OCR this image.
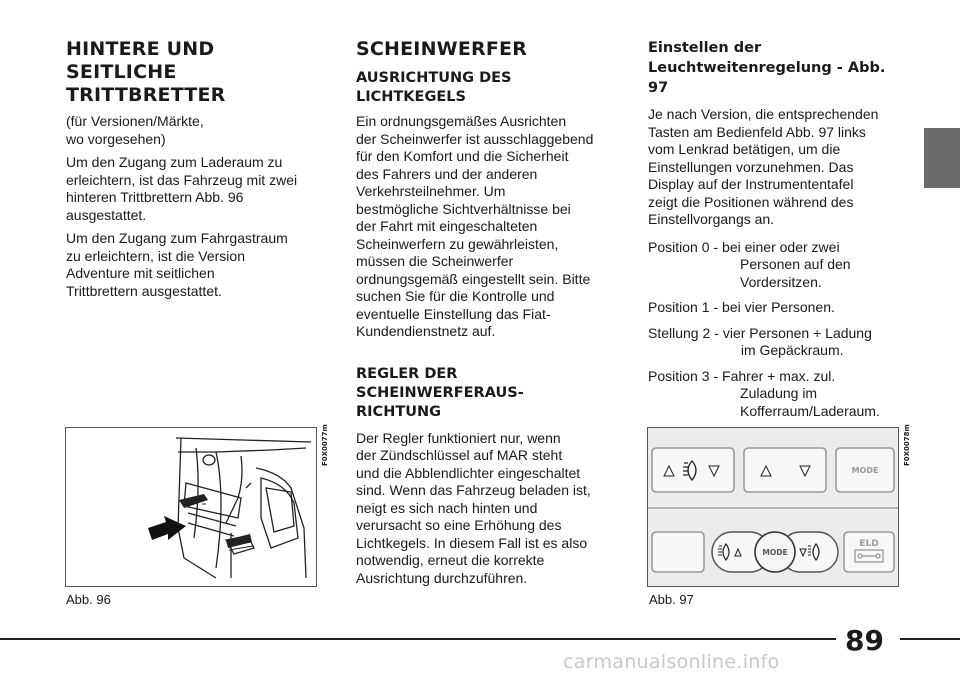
HINTERE UND
SEITLICHE
TRITTBRETTER

(für Versionen/Märkte,
wo vorgesehen)

Um den Zugang zum Laderaum zu
erleichtern, ist das Fahrzeug mit zwei
hinteren Trittbrettern Abb. 96
ausgestattet.

Um den Zugang zum Fahrgastraum
zu erleichtern, ist die Version
Adventure mit seitlichen
Trittbrettern ausgestattet.

SCHEINWERFER
AUSRICHTUNG DES
LICHTKEGELS

Ein ordnungsgemäßes Ausrichten
der Scheinwerfer ist ausschlaggebend
für den Komfort und die Sicherheit
des Fahrers und der anderen
Verkehrsteilnehmer. Um
bestmögliche Sichtverhältnisse bei
der Fahrt mit eingeschalteten
Scheinwerfern zu gewährleisten,
müssen die Scheinwerfer
ordnungsgemäß eingestellt sein. Bitte
suchen Sie für die Kontrolle und
eventuelle Einstellung das Fiat-
Kundendienstnetz auf.

REGLER DER
SCHEINWERFERAUS-
RICHTUNG

Der Regler funktioniert nur, wenn
der Zündschlüssel auf MAR steht
und die Abblendlichter eingeschaltet
sind. Wenn das Fahrzeug beladen ist,
neigt es sich nach hinten und
verursacht so eine Erhöhung des
Lichtkegels. In diesem Fall ist es also
notwendig, erneut die korrekte
Ausrichtung durchzuführen.

Einstellen der
Leuchtweitenregelung - Abb. 97

Je nach Version, die entsprechenden
Tasten am Bedienfeld Abb. 97 links
vom Lenkrad betätigen, um die
Einstellungen vorzunehmen. Das
Display auf der Instrumententafel
zeigt die Positionen während des
Einstellvorgangs an.

Position 0 - bei einer oder zwei
Personen auf den
Vordersitzen.
Position 1 - bei vier Personen.
Stellung 2 - vier Personen + Ladung
im Gepäckraum.
Position 3 - Fahrer + max. zul.
Zuladung im
Kofferraum/Laderaum.
F0X0077m
Abb. 96
MODE
MODE
ELD
F0X0078m
Abb. 97
89
carmanualsonline.info
